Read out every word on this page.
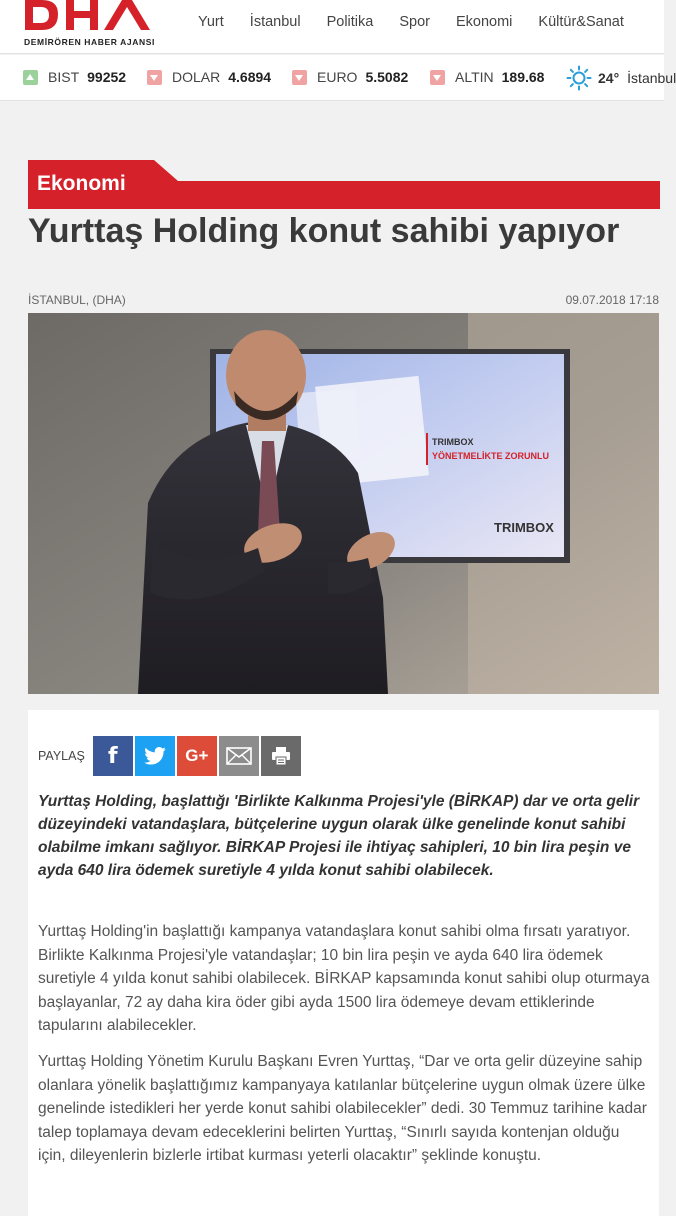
DEMİRÖREN HABER AJANSI
Yurt İstanbul Politika Spor Ekonomi Kültür&Sanat
BIST 99252	DOLAR 4.6894	EURO 5.5082	ALTIN 189.68	24° İstanbul
Ekonomi
Yurttaş Holding konut sahibi yapıyor
İSTANBUL, (DHA)	09.07.2018 17:18
TRIMBOX
YÖNETMELİKTE ZORUNLU
TRIMBOX
PAYLAŞ f	G+

Yurttaş Holding, başlattığı 'Birlikte Kalkınma Projesi'yle (BİRKAP) dar ve orta gelir düzeyindeki vatandaşlara, bütçelerine uygun olarak ülke genelinde konut sahibi olabilme imkanı sağlıyor. BİRKAP Projesi ile ihtiyaç sahipleri, 10 bin lira peşin ve ayda 640 lira ödemek suretiyle 4 yılda konut sahibi olabilecek.

Yurttaş Holding'in başlattığı kampanya vatandaşlara konut sahibi olma fırsatı yaratıyor. Birlikte Kalkınma Projesi'yle vatandaşlar; 10 bin lira peşin ve ayda 640 lira ödemek suretiyle 4 yılda konut sahibi olabilecek. BİRKAP kapsamında konut sahibi olup oturmaya başlayanlar, 72 ay daha kira öder gibi ayda 1500 lira ödemeye devam ettiklerinde tapularını alabilecekler.

Yurttaş Holding Yönetim Kurulu Başkanı Evren Yurttaş, “Dar ve orta gelir düzeyine sahip olanlara yönelik başlattığımız kampanyaya katılanlar bütçelerine uygun olmak üzere ülke genelinde istedikleri her yerde konut sahibi olabilecekler” dedi. 30 Temmuz tarihine kadar talep toplamaya devam edeceklerini belirten Yurttaş, “Sınırlı sayıda kontenjan olduğu için, dileyenlerin bizlerle irtibat kurması yeterli olacaktır” şeklinde konuştu.
